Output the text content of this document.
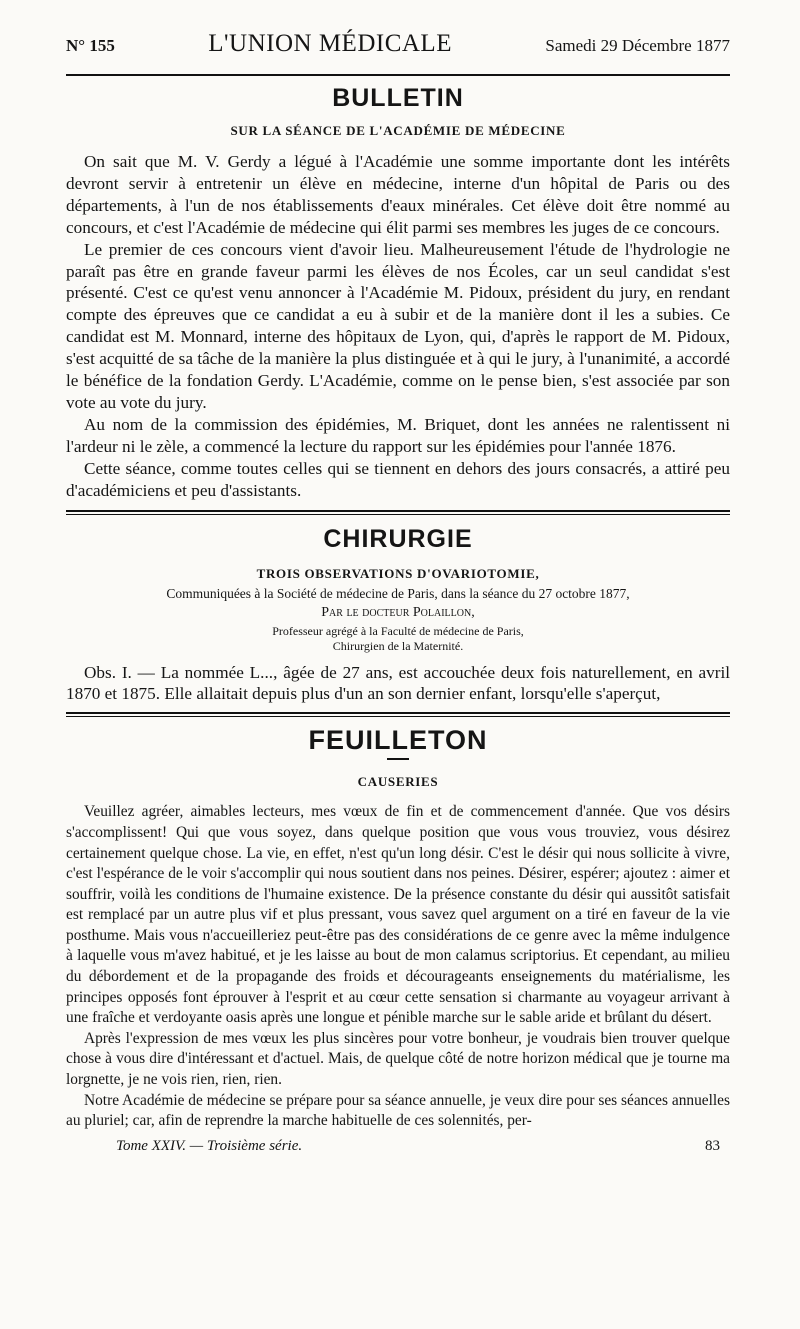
N° 155	L'UNION MÉDICALE	Samedi 29 Décembre 1877
BULLETIN
SUR LA SÉANCE DE L'ACADÉMIE DE MÉDECINE

On sait que M. V. Gerdy a légué à l'Académie une somme importante dont les intérêts devront servir à entretenir un élève en médecine, interne d'un hôpital de Paris ou des départements, à l'un de nos établissements d'eaux minérales. Cet élève doit être nommé au concours, et c'est l'Académie de médecine qui élit parmi ses membres les juges de ce concours.

Le premier de ces concours vient d'avoir lieu. Malheureusement l'étude de l'hydrologie ne paraît pas être en grande faveur parmi les élèves de nos Écoles, car un seul candidat s'est présenté. C'est ce qu'est venu annoncer à l'Académie M. Pidoux, président du jury, en rendant compte des épreuves que ce candidat a eu à subir et de la manière dont il les a subies. Ce candidat est M. Monnard, interne des hôpitaux de Lyon, qui, d'après le rapport de M. Pidoux, s'est acquitté de sa tâche de la manière la plus distinguée et à qui le jury, à l'unanimité, a accordé le bénéfice de la fondation Gerdy. L'Académie, comme on le pense bien, s'est associée par son vote au vote du jury.

Au nom de la commission des épidémies, M. Briquet, dont les années ne ralentissent ni l'ardeur ni le zèle, a commencé la lecture du rapport sur les épidémies pour l'année 1876.

Cette séance, comme toutes celles qui se tiennent en dehors des jours consacrés, a attiré peu d'académiciens et peu d'assistants.

CHIRURGIE
TROIS OBSERVATIONS D'OVARIOTOMIE,
Communiquées à la Société de médecine de Paris, dans la séance du 27 octobre 1877,
Par le docteur Polaillon,
Professeur agrégé à la Faculté de médecine de Paris,
Chirurgien de la Maternité.

Obs. I. — La nommée L..., âgée de 27 ans, est accouchée deux fois naturellement, en avril 1870 et 1875. Elle allaitait depuis plus d'un an son dernier enfant, lorsqu'elle s'aperçut,

FEUILLETON
CAUSERIES

Veuillez agréer, aimables lecteurs, mes vœux de fin et de commencement d'année. Que vos désirs s'accomplissent! Qui que vous soyez, dans quelque position que vous vous trouviez, vous désirez certainement quelque chose. La vie, en effet, n'est qu'un long désir. C'est le désir qui nous sollicite à vivre, c'est l'espérance de le voir s'accomplir qui nous soutient dans nos peines. Désirer, espérer; ajoutez : aimer et souffrir, voilà les conditions de l'humaine existence. De la présence constante du désir qui aussitôt satisfait est remplacé par un autre plus vif et plus pressant, vous savez quel argument on a tiré en faveur de la vie posthume. Mais vous n'accueilleriez peut-être pas des considérations de ce genre avec la même indulgence à laquelle vous m'avez habitué, et je les laisse au bout de mon calamus scriptorius. Et cependant, au milieu du débordement et de la propagande des froids et décourageants enseignements du matérialisme, les principes opposés font éprouver à l'esprit et au cœur cette sensation si charmante au voyageur arrivant à une fraîche et verdoyante oasis après une longue et pénible marche sur le sable aride et brûlant du désert.

Après l'expression de mes vœux les plus sincères pour votre bonheur, je voudrais bien trouver quelque chose à vous dire d'intéressant et d'actuel. Mais, de quelque côté de notre horizon médical que je tourne ma lorgnette, je ne vois rien, rien, rien.

Notre Académie de médecine se prépare pour sa séance annuelle, je veux dire pour ses séances annuelles au pluriel; car, afin de reprendre la marche habituelle de ces solennités, per-

Tome XXIV. — Troisième série.	83
